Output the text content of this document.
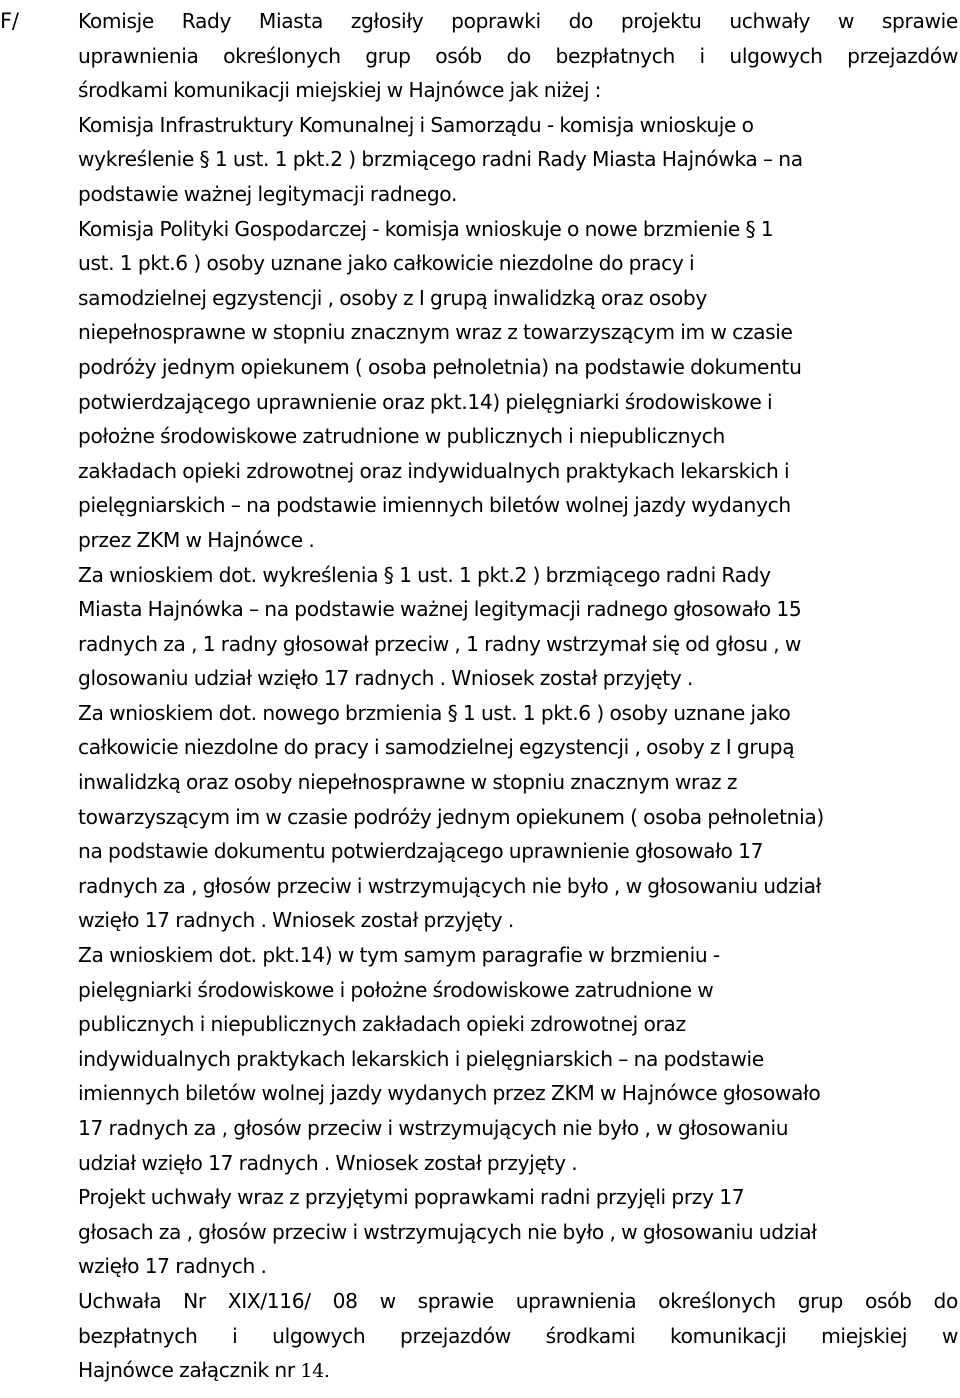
F/	Komisje Rady Miasta zgłosiły poprawki do projektu uchwały w sprawie
uprawnienia określonych grup osób do bezpłatnych i ulgowych przejazdów
środkami komunikacji miejskiej w Hajnówce jak niżej :
Komisja Infrastruktury Komunalnej i Samorządu - komisja wnioskuje o
wykreślenie § 1 ust. 1 pkt.2 ) brzmiącego radni Rady Miasta Hajnówka – na
podstawie ważnej legitymacji radnego.
Komisja Polityki Gospodarczej - komisja wnioskuje o nowe brzmienie § 1
ust. 1 pkt.6 ) osoby uznane jako całkowicie niezdolne do pracy i
samodzielnej egzystencji , osoby z I grupą inwalidzką oraz osoby
niepełnosprawne w stopniu znacznym wraz z towarzyszącym im w czasie
podróży jednym opiekunem ( osoba pełnoletnia) na podstawie dokumentu
potwierdzającego uprawnienie oraz pkt.14) pielęgniarki środowiskowe i
położne środowiskowe zatrudnione w publicznych i niepublicznych
zakładach opieki zdrowotnej oraz indywidualnych praktykach lekarskich i
pielęgniarskich – na podstawie imiennych biletów wolnej jazdy wydanych
przez ZKM w Hajnówce .
Za wnioskiem dot. wykreślenia § 1 ust. 1 pkt.2 ) brzmiącego radni Rady
Miasta Hajnówka – na podstawie ważnej legitymacji radnego głosowało 15
radnych za , 1 radny głosował przeciw , 1 radny wstrzymał się od głosu , w
glosowaniu udział wzięło 17 radnych . Wniosek został przyjęty .
Za wnioskiem dot. nowego brzmienia § 1 ust. 1 pkt.6 ) osoby uznane jako
całkowicie niezdolne do pracy i samodzielnej egzystencji , osoby z I grupą
inwalidzką oraz osoby niepełnosprawne w stopniu znacznym wraz z
towarzyszącym im w czasie podróży jednym opiekunem ( osoba pełnoletnia)
na podstawie dokumentu potwierdzającego uprawnienie głosowało 17
radnych za , głosów przeciw i wstrzymujących nie było , w głosowaniu udział
wzięło 17 radnych . Wniosek został przyjęty .
Za wnioskiem dot. pkt.14) w tym samym paragrafie w brzmieniu -
pielęgniarki środowiskowe i położne środowiskowe zatrudnione w
publicznych i niepublicznych zakładach opieki zdrowotnej oraz
indywidualnych praktykach lekarskich i pielęgniarskich – na podstawie
imiennych biletów wolnej jazdy wydanych przez ZKM w Hajnówce głosowało
17 radnych za , głosów przeciw i wstrzymujących nie było , w głosowaniu
udział wzięło 17 radnych . Wniosek został przyjęty .
Projekt uchwały wraz z przyjętymi poprawkami radni przyjęli przy 17
głosach za , głosów przeciw i wstrzymujących nie było , w głosowaniu udział
wzięło 17 radnych .
Uchwała Nr XIX/116/ 08 w sprawie uprawnienia określonych grup osób do
bezpłatnych i ulgowych przejazdów środkami komunikacji miejskiej w
Hajnówce załącznik nr 14.
